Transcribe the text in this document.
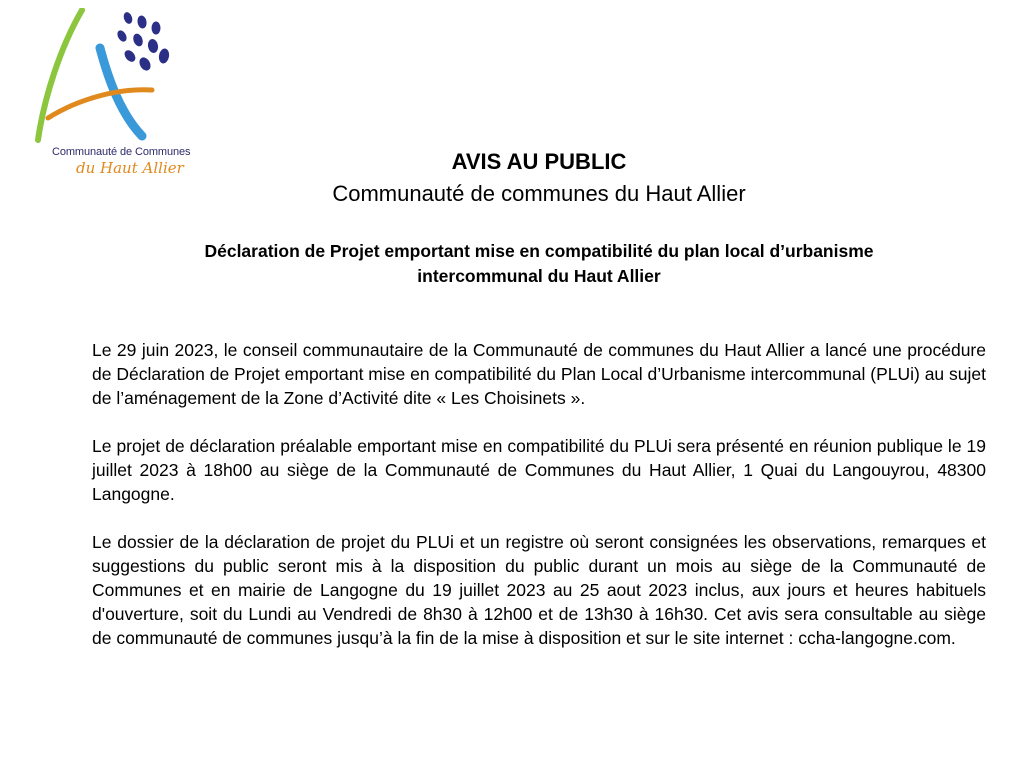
Communauté de Communes
du Haut Allier	AVIS AU PUBLIC
Communauté de communes du Haut Allier
Déclaration de Projet emportant mise en compatibilité du plan local d’urbanisme
intercommunal du Haut Allier

Le 29 juin 2023, le conseil communautaire de la Communauté de communes du Haut Allier a lancé une procédure de Déclaration de Projet emportant mise en compatibilité du Plan Local d’Urbanisme intercommunal (PLUi) au sujet de l’aménagement de la Zone d’Activité dite « Les Choisinets ».

Le projet de déclaration préalable emportant mise en compatibilité du PLUi sera présenté en réunion publique le 19 juillet 2023 à 18h00 au siège de la Communauté de Communes du Haut Allier, 1 Quai du Langouyrou, 48300 Langogne.

Le dossier de la déclaration de projet du PLUi et un registre où seront consignées les observations, remarques et suggestions du public seront mis à la disposition du public durant un mois au siège de la Communauté de Communes et en mairie de Langogne du 19 juillet 2023 au 25 aout 2023 inclus, aux jours et heures habituels d'ouverture, soit du Lundi au Vendredi de 8h30 à 12h00 et de 13h30 à 16h30. Cet avis sera consultable au siège de communauté de communes jusqu’à la fin de la mise à disposition et sur le site internet : ccha-langogne.com.
